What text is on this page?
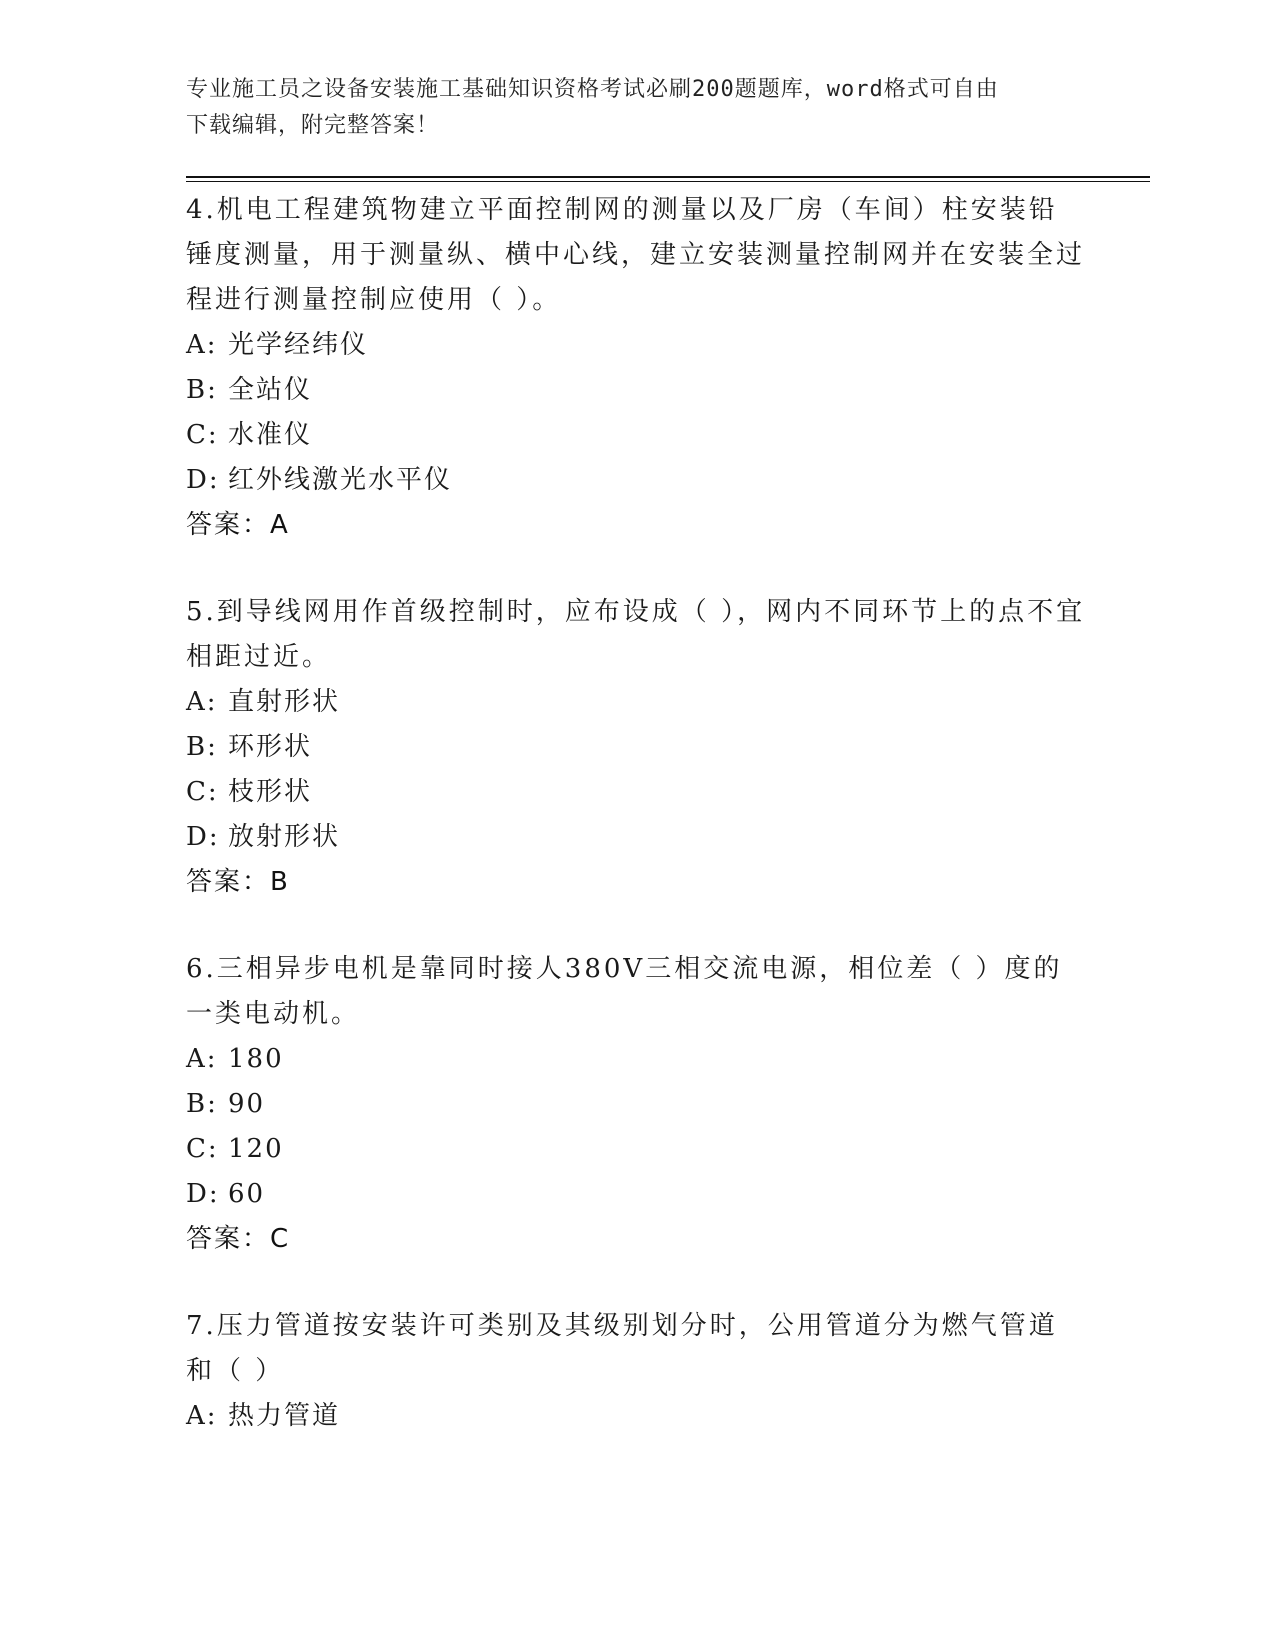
专业施工员之设备安装施工基础知识资格考试必刷200题题库，word格式可自由
下载编辑，附完整答案！

4.机电工程建筑物建立平面控制网的测量以及厂房（车间）柱安装铅锤度测量，用于测量纵、横中心线，建立安装测量控制网并在安装全过程进行测量控制应使用（ ）。

A: 光学经纬仪

B: 全站仪

C: 水准仪

D: 红外线激光水平仪

答案：A

5.到导线网用作首级控制时，应布设成（ ），网内不同环节上的点不宜相距过近。

A: 直射形状

B: 环形状

C: 枝形状

D: 放射形状

答案：B

6.三相异步电机是靠同时接人380V三相交流电源，相位差（ ）度的一类电动机。

A: 180

B: 90

C: 120

D: 60

答案：C

7.压力管道按安装许可类别及其级别划分时，公用管道分为燃气管道和（ ）

A: 热力管道
